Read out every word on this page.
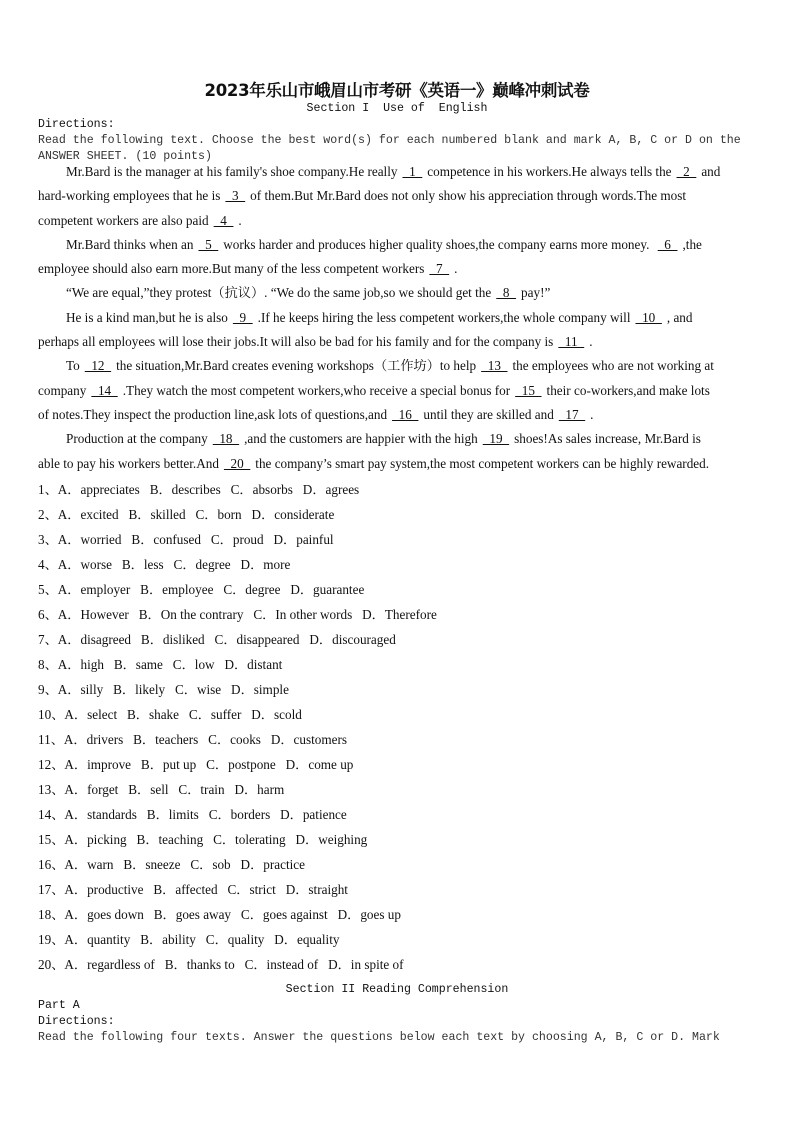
2023年乐山市峨眉山市考研《英语一》巅峰冲刺试卷
Section I  Use of  English
Directions:
Read the following text. Choose the best word(s) for each numbered blank and mark A, B, C or D on the
ANSWER SHEET. (10 points)
Mr.Bard is the manager at his family's shoe company.He really  1  competence in his workers.He always tells the  2  and
hard-working employees that he is  3  of them.But Mr.Bard does not only show his appreciation through words.The most
competent workers are also paid  4  .
Mr.Bard thinks when an  5  works harder and produces higher quality shoes,the company earns more money.   6  ,the
employee should also earn more.But many of the less competent workers  7  .
“We are equal,”they protest（抗议）. “We do the same job,so we should get the  8  pay!”
He is a kind man,but he is also  9  .If he keeps hiring the less competent workers,the whole company will  10  , and
perhaps all employees will lose their jobs.It will also be bad for his family and for the company is  11  .
To  12  the situation,Mr.Bard creates evening workshops（工作坊）to help  13  the employees who are not working at
company  14  .They watch the most competent workers,who receive a special bonus for  15  their co-workers,and make lots
of notes.They inspect the production line,ask lots of questions,and  16  until they are skilled and  17  .
Production at the company  18  ,and the customers are happier with the high  19  shoes!As sales increase, Mr.Bard is
able to pay his workers better.And  20  the company’s smart pay system,the most competent workers can be highly rewarded.
1、A．appreciates   B．describes   C．absorbs   D．agrees
2、A．excited   B．skilled   C．born   D．considerate
3、A．worried   B．confused   C．proud   D．painful
4、A．worse   B．less   C．degree   D．more
5、A．employer   B．employee   C．degree   D．guarantee
6、A．However   B．On the contrary   C．In other words   D．Therefore
7、A．disagreed   B．disliked   C．disappeared   D．discouraged
8、A．high   B．same   C．low   D．distant
9、A．silly   B．likely   C．wise   D．simple
10、A．select   B．shake   C．suffer   D．scold
11、A．drivers   B．teachers   C．cooks   D．customers
12、A．improve   B．put up   C．postpone   D．come up
13、A．forget   B．sell   C．train   D．harm
14、A．standards   B．limits   C．borders   D．patience
15、A．picking   B．teaching   C．tolerating   D．weighing
16、A．warn   B．sneeze   C．sob   D．practice
17、A．productive   B．affected   C．strict   D．straight
18、A．goes down   B．goes away   C．goes against   D．goes up
19、A．quantity   B．ability   C．quality   D．equality
20、A．regardless of   B．thanks to   C．instead of   D．in spite of
Section II Reading Comprehension
Part A
Directions:
Read the following four texts. Answer the questions below each text by choosing A, B, C or D. Mark
